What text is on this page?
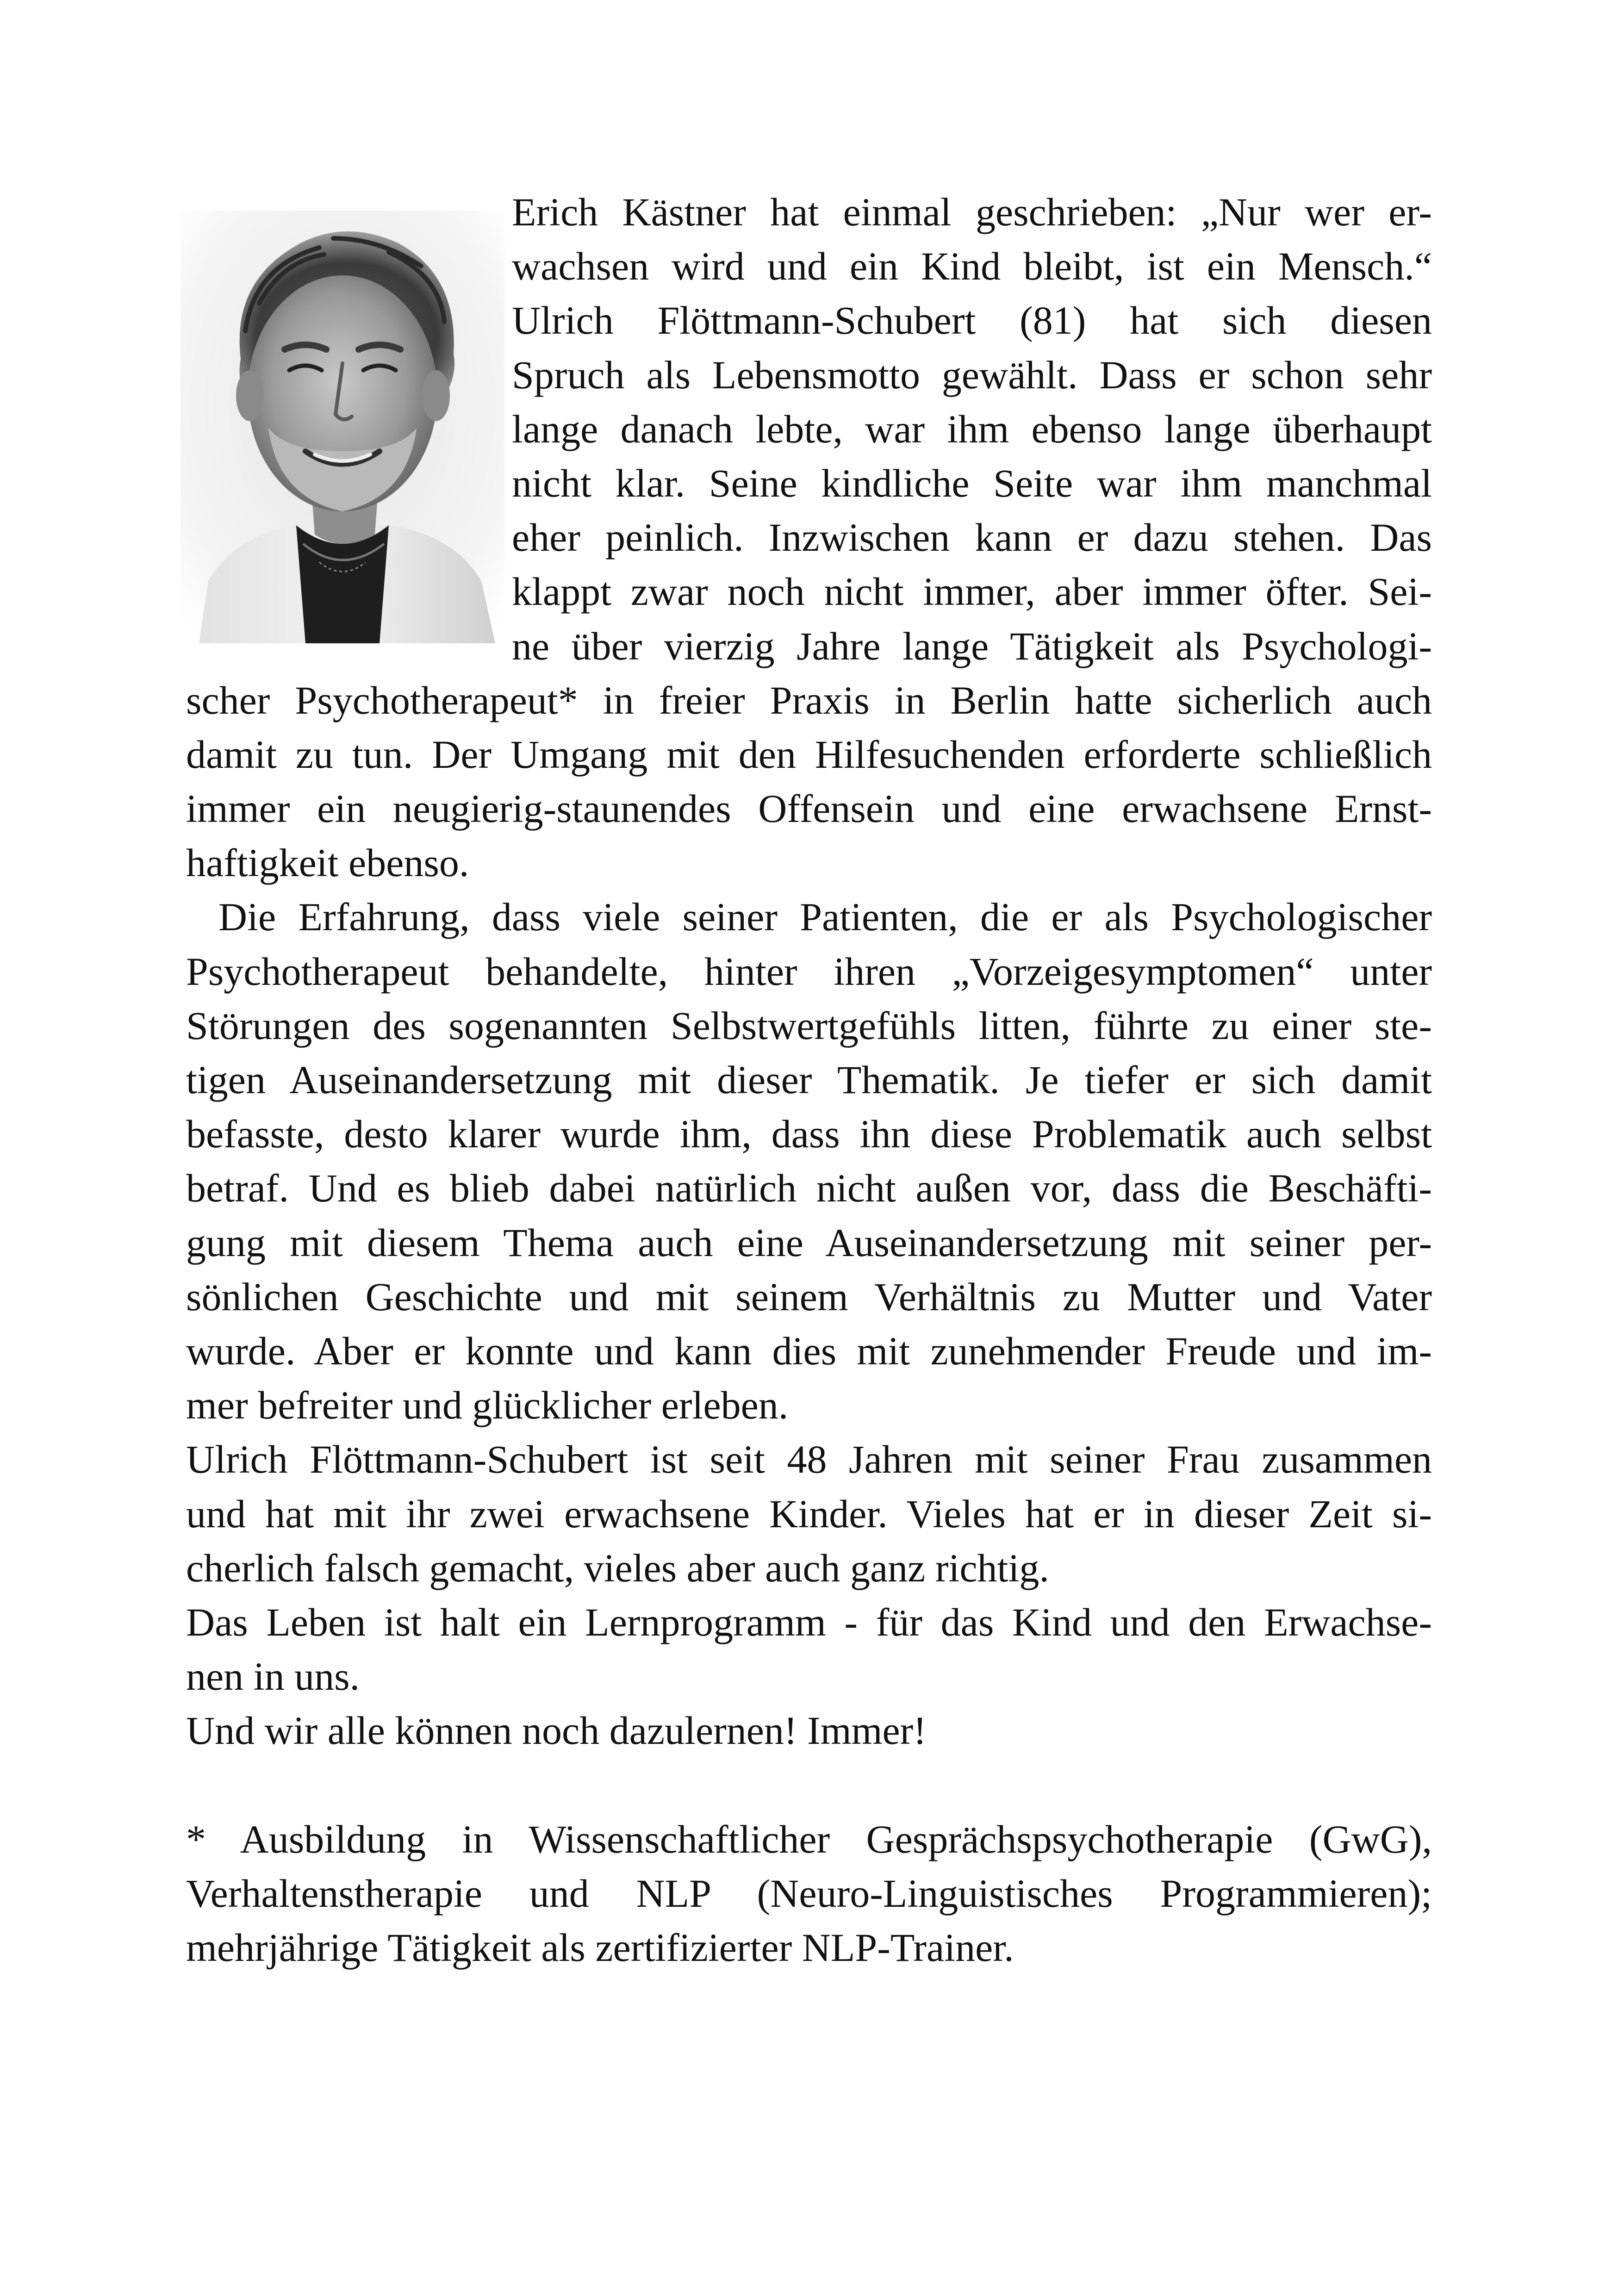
Erich Kästner hat einmal geschrieben: „Nur wer er-
wachsen wird und ein Kind bleibt, ist ein Mensch.“
Ulrich Flöttmann-Schubert (81) hat sich diesen
Spruch als Lebensmotto gewählt. Dass er schon sehr
lange danach lebte, war ihm ebenso lange überhaupt
nicht klar. Seine kindliche Seite war ihm manchmal
eher peinlich. Inzwischen kann er dazu stehen. Das
klappt zwar noch nicht immer, aber immer öfter. Sei-
ne über vierzig Jahre lange Tätigkeit als Psychologi-
scher Psychotherapeut* in freier Praxis in Berlin hatte sicherlich auch
damit zu tun. Der Umgang mit den Hilfesuchenden erforderte schließlich
immer ein neugierig-staunendes Offensein und eine erwachsene Ernst-
haftigkeit ebenso.
Die Erfahrung, dass viele seiner Patienten, die er als Psychologischer
Psychotherapeut behandelte, hinter ihren „Vorzeigesymptomen“ unter
Störungen des sogenannten Selbstwertgefühls litten, führte zu einer ste-
tigen Auseinandersetzung mit dieser Thematik. Je tiefer er sich damit
befasste, desto klarer wurde ihm, dass ihn diese Problematik auch selbst
betraf. Und es blieb dabei natürlich nicht außen vor, dass die Beschäfti-
gung mit diesem Thema auch eine Auseinandersetzung mit seiner per-
sönlichen Geschichte und mit seinem Verhältnis zu Mutter und Vater
wurde. Aber er konnte und kann dies mit zunehmender Freude und im-
mer befreiter und glücklicher erleben.
Ulrich Flöttmann-Schubert ist seit 48 Jahren mit seiner Frau zusammen
und hat mit ihr zwei erwachsene Kinder. Vieles hat er in dieser Zeit si-
cherlich falsch gemacht, vieles aber auch ganz richtig.
Das Leben ist halt ein Lernprogramm - für das Kind und den Erwachse-
nen in uns.
Und wir alle können noch dazulernen! Immer!
* Ausbildung in Wissenschaftlicher Gesprächspsychotherapie (GwG),
Verhaltenstherapie und NLP (Neuro-Linguistisches Programmieren);
mehrjährige Tätigkeit als zertifizierter NLP-Trainer.
